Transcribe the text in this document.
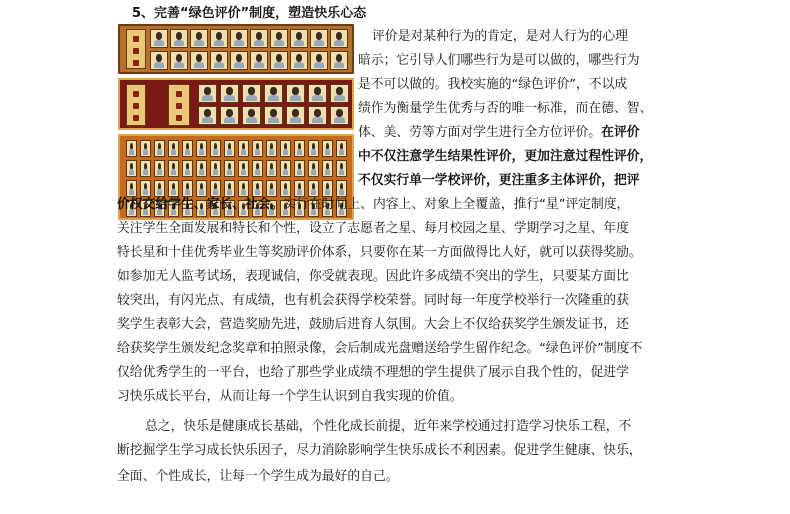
5、完善“绿色评价”制度，塑造快乐心态
评价是对某种行为的肯定，是对人行为的心理
暗示；它引导人们哪些行为是可以做的，哪些行为
是不可以做的。我校实施的“绿色评价”，不以成
绩作为衡量学生优秀与否的唯一标准，而在德、智、
体、美、劳等方面对学生进行全方位评价。在评价
中不仅注意学生结果性评价，更加注意过程性评价，
不仅实行单一学校评价，更注重多主体评价，把评
价权交给学生、家长、社会。实行在时间上、内容上、对象上全覆盖，推行“星”评定制度，
关注学生全面发展和特长和个性，设立了志愿者之星、每月校园之星、学期学习之星、年度
特长星和十佳优秀毕业生等奖励评价体系，只要你在某一方面做得比人好，就可以获得奖励。
如参加无人监考试场，表现诚信，你受就表现。因此许多成绩不突出的学生，只要某方面比
较突出，有闪光点、有成绩，也有机会获得学校荣誉。同时每一年度学校举行一次隆重的获
奖学生表彰大会，营造奖励先进，鼓励后进育人氛围。大会上不仅给获奖学生颁发证书，还
给获奖学生颁发纪念奖章和拍照录像，会后制成光盘赠送给学生留作纪念。“绿色评价”制度不
仅给优秀学生的一平台，也给了那些学业成绩不理想的学生提供了展示自我个性的，促进学
习快乐成长平台，从而让每一个学生认识到自我实现的价值。
总之，快乐是健康成长基础，个性化成长前提，近年来学校通过打造学习快乐工程，不
断挖掘学生学习成长快乐因子，尽力消除影响学生快乐成长不利因素。促进学生健康、快乐，
全面、个性成长，让每一个学生成为最好的自己。
